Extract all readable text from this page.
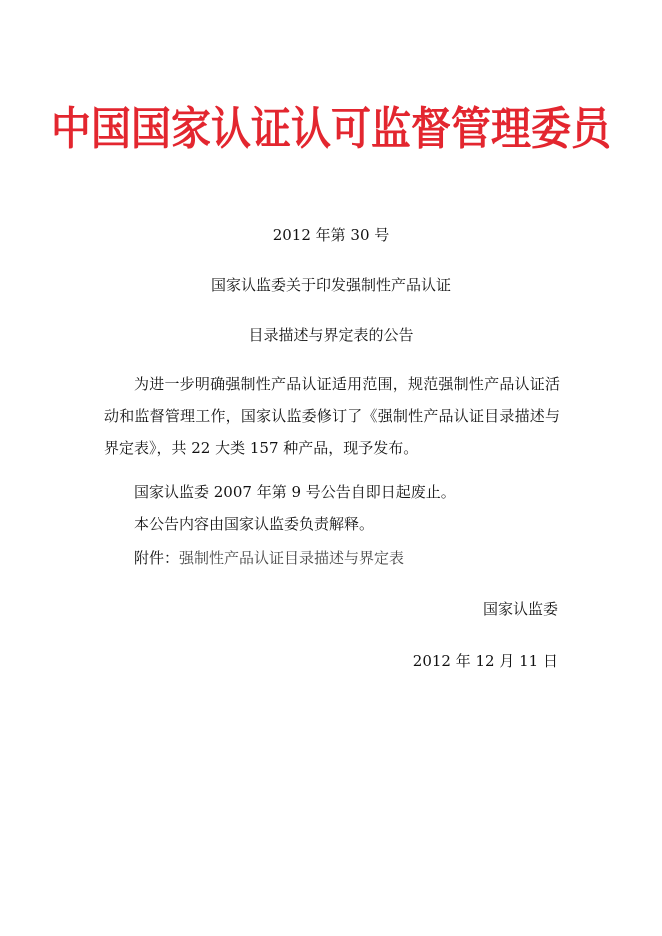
中国国家认证认可监督管理委员
2012 年第 30 号
国家认监委关于印发强制性产品认证
目录描述与界定表的公告
为进一步明确强制性产品认证适用范围，规范强制性产品认证活动和监督管理工作，国家认监委修订了《强制性产品认证目录描述与界定表》，共 22 大类 157 种产品，现予发布。
国家认监委 2007 年第 9 号公告自即日起废止。
本公告内容由国家认监委负责解释。
附件：强制性产品认证目录描述与界定表
国家认监委
2012 年 12 月 11 日
